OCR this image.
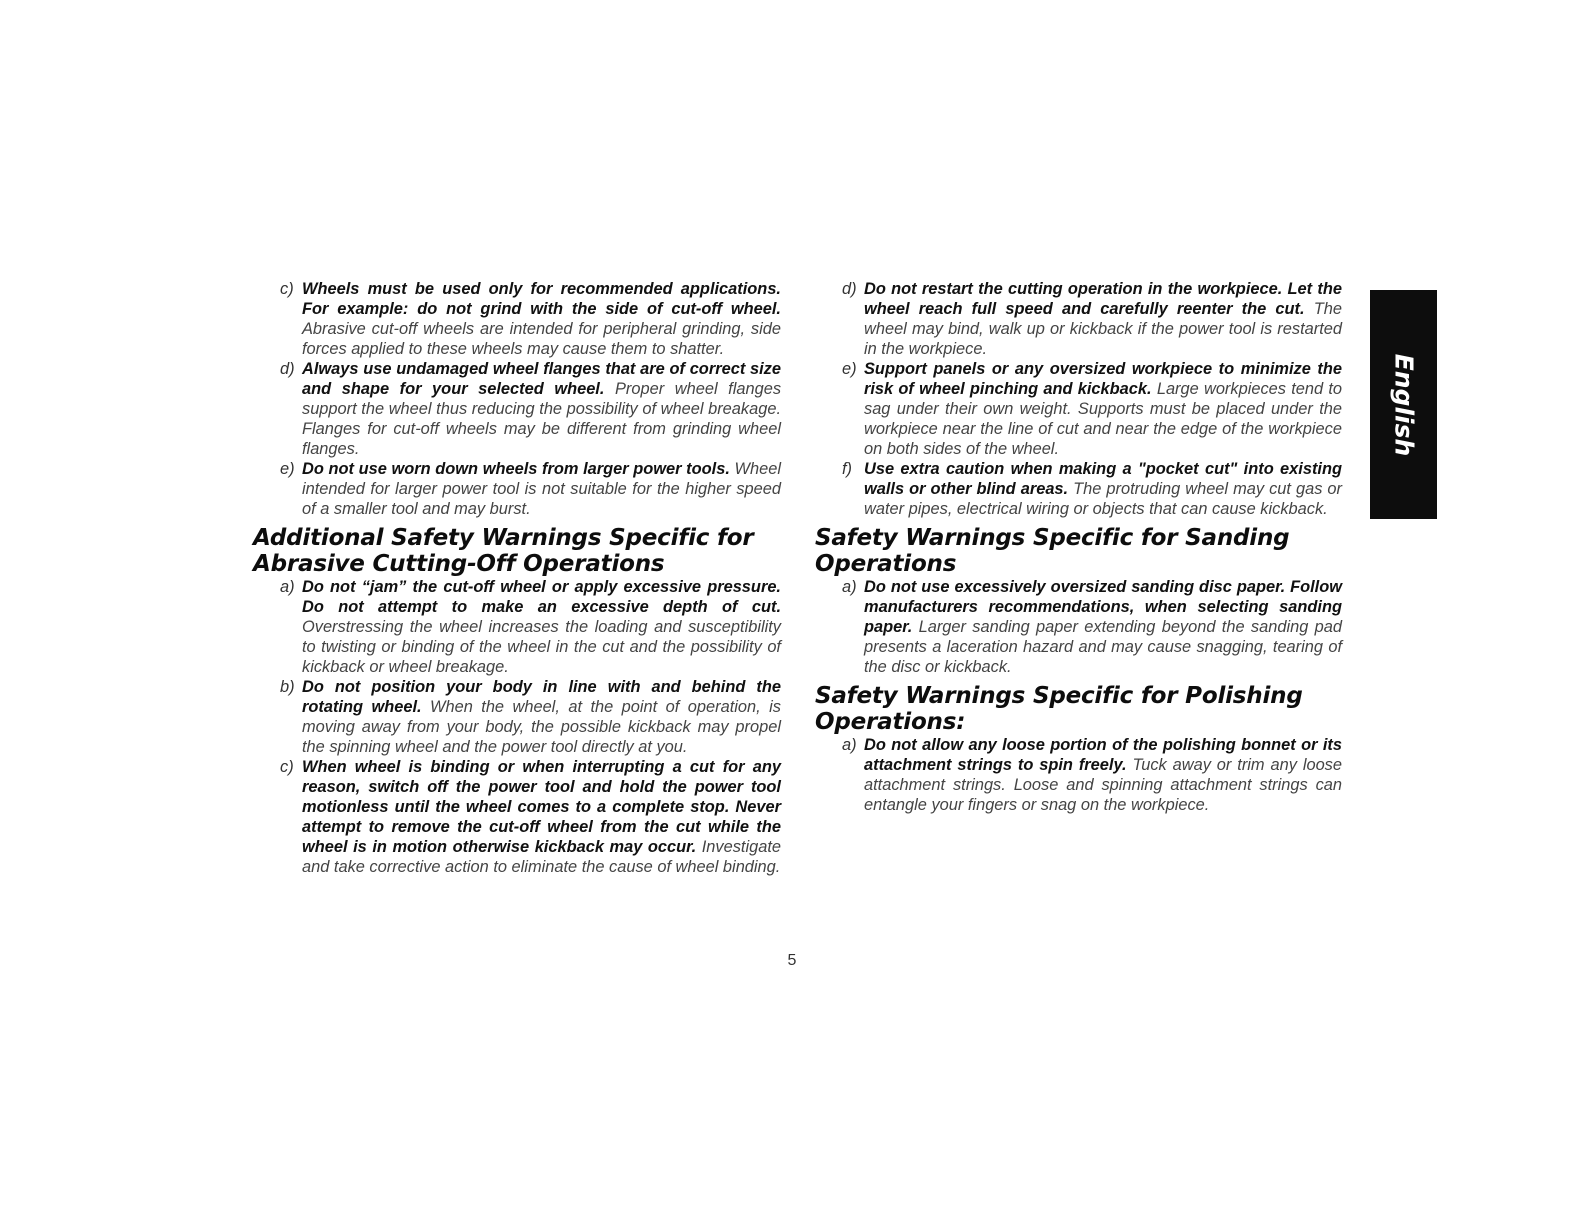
c) Wheels must be used only for recommended applications. For example: do not grind with the side of cut-off wheel. Abrasive cut-off wheels are intended for peripheral grinding, side forces applied to these wheels may cause them to shatter.

d) Always use undamaged wheel flanges that are of correct size and shape for your selected wheel. Proper wheel flanges support the wheel thus reducing the possibility of wheel breakage. Flanges for cut-off wheels may be different from grinding wheel flanges.

e) Do not use worn down wheels from larger power tools. Wheel intended for larger power tool is not suitable for the higher speed of a smaller tool and may burst.

Additional Safety Warnings Specific for Abrasive Cutting-Off Operations

a) Do not “jam” the cut-off wheel or apply excessive pressure. Do not attempt to make an excessive depth of cut. Overstressing the wheel increases the loading and susceptibility to twisting or binding of the wheel in the cut and the possibility of kickback or wheel breakage.

b) Do not position your body in line with and behind the rotating wheel. When the wheel, at the point of operation, is moving away from your body, the possible kickback may propel the spinning wheel and the power tool directly at you.

c) When wheel is binding or when interrupting a cut for any reason, switch off the power tool and hold the power tool motionless until the wheel comes to a complete stop. Never attempt to remove the cut-off wheel from the cut while the wheel is in motion otherwise kickback may occur. Investigate and take corrective action to eliminate the cause of wheel binding.

d) Do not restart the cutting operation in the workpiece. Let the wheel reach full speed and carefully reenter the cut. The wheel may bind, walk up or kickback if the power tool is restarted in the workpiece.

e) Support panels or any oversized workpiece to minimize the risk of wheel pinching and kickback. Large workpieces tend to sag under their own weight. Supports must be placed under the workpiece near the line of cut and near the edge of the workpiece on both sides of the wheel.

f) Use extra caution when making a "pocket cut" into existing walls or other blind areas. The protruding wheel may cut gas or water pipes, electrical wiring or objects that can cause kickback.

Safety Warnings Specific for Sanding Operations

a) Do not use excessively oversized sanding disc paper. Follow manufacturers recommendations, when selecting sanding paper. Larger sanding paper extending beyond the sanding pad presents a laceration hazard and may cause snagging, tearing of the disc or kickback.

Safety Warnings Specific for Polishing Operations:

a) Do not allow any loose portion of the polishing bonnet or its attachment strings to spin freely. Tuck away or trim any loose attachment strings. Loose and spinning attachment strings can entangle your fingers or snag on the workpiece.

English
5
